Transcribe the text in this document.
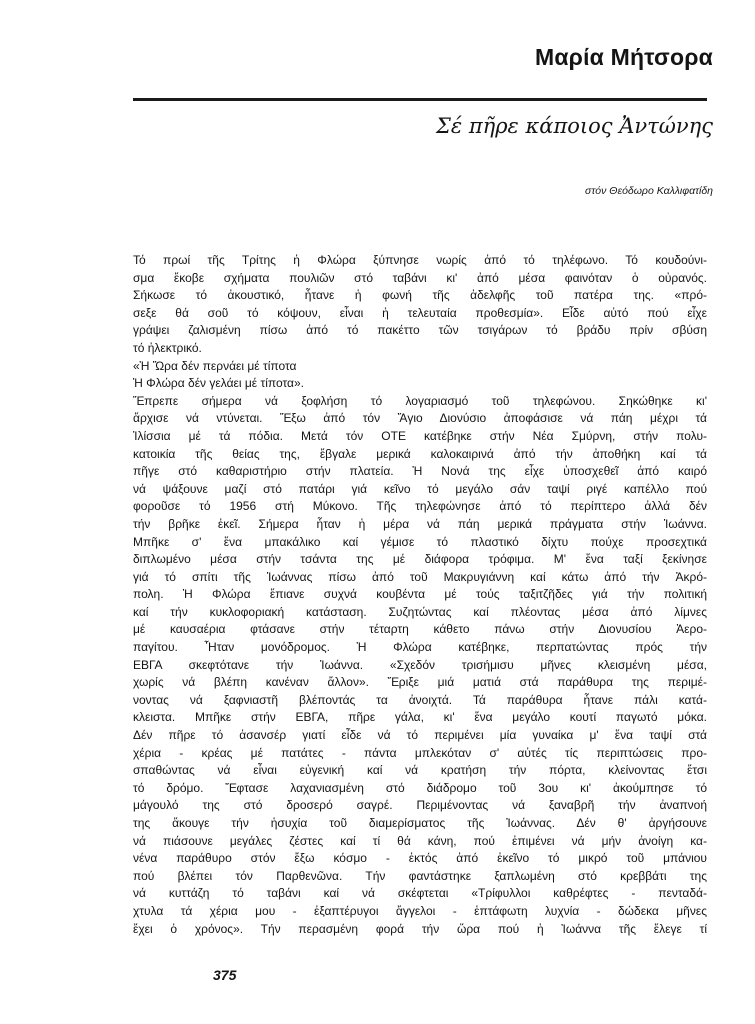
Μαρία Μήτσορα
Σέ πῆρε κάποιος Ἀντώνης
στόν Θεόδωρο Καλλιφατίδη
Τό πρωί τῆς Τρίτης ἡ Φλώρα ξύπνησε νωρίς ἀπό τό τηλέφωνο. Τό κουδούνι-
σμα ἔκοβε σχήματα πουλιῶν στό ταβάνι κι' ἀπό μέσα φαινόταν ὁ οὐρανός.
Σήκωσε τό ἀκουστικό, ἦτανε ἡ φωνή τῆς ἀδελφῆς τοῦ πατέρα της. «πρό-
σεξε θά σοῦ τό κόψουν, εἶναι ἡ τελευταία προθεσμία». Εἶδε αὐτό πού εἶχε
γράψει ζαλισμένη πίσω ἀπό τό πακέττο τῶν τσιγάρων τό βράδυ πρίν σβύση
τό ἠλεκτρικό.
«Ἡ Ὥρα δέν περνάει μέ τίποτα
Ἡ Φλώρα δέν γελάει μέ τίποτα».
Ἔπρεπε σήμερα νά ξοφλήση τό λογαριασμό τοῦ τηλεφώνου. Σηκώθηκε κι'
ἄρχισε νά ντύνεται. Ἔξω ἀπό τόν Ἅγιο Διονύσιο ἀποφάσισε νά πάη μέχρι τά
Ἰλίσσια μέ τά πόδια. Μετά τόν ΟΤΕ κατέβηκε στήν Νέα Σμύρνη, στήν πολυ-
κατοικία τῆς θείας της, ἔβγαλε μερικά καλοκαιρινά ἀπό τήν ἀποθήκη καί τά
πῆγε στό καθαριστήριο στήν πλατεία. Ἡ Νονά της εἶχε ὑποσχεθεῖ ἀπό καιρό
νά ψάξουνε μαζί στό πατάρι γιά κεῖνο τό μεγάλο σάν ταψί ριγέ καπέλλο πού
φοροῦσε τό 1956 στή Μύκονο. Τῆς τηλεφώνησε ἀπό τό περίπτερο ἀλλά δέν
τήν βρῆκε ἐκεῖ. Σήμερα ἦταν ἡ μέρα νά πάη μερικά πράγματα στήν Ἰωάννα.
Μπῆκε σ' ἕνα μπακάλικο καί γέμισε τό πλαστικό δίχτυ πούχε προσεχτικά
διπλωμένο μέσα στήν τσάντα της μέ διάφορα τρόφιμα. Μ' ἕνα ταξί ξεκίνησε
γιά τό σπίτι τῆς Ἰωάννας πίσω ἀπό τοῦ Μακρυγιάννη καί κάτω ἀπό τήν Ἀκρό-
πολη. Ἡ Φλώρα ἔπιανε συχνά κουβέντα μέ τούς ταξιτζῆδες γιά τήν πολιτική
καί τήν κυκλοφοριακή κατάσταση. Συζητώντας καί πλέοντας μέσα ἀπό λίμνες
μέ καυσαέρια φτάσανε στήν τέταρτη κάθετο πάνω στήν Διονυσίου Ἀερο-
παγίτου. Ἦταν μονόδρομος. Ἡ Φλώρα κατέβηκε, περπατώντας πρός τήν
ΕΒΓΑ σκεφτότανε τήν Ἰωάννα. «Σχεδόν τρισήμισυ μῆνες κλεισμένη μέσα,
χωρίς νά βλέπη κανέναν ἄλλον». Ἔριξε μιά ματιά στά παράθυρα της περιμέ-
νοντας νά ξαφνιαστῆ βλέποντάς τα ἀνοιχτά. Τά παράθυρα ἦτανε πάλι κατά-
κλειστα. Μπῆκε στήν ΕΒΓΑ, πῆρε γάλα, κι' ἕνα μεγάλο κουτί παγωτό μόκα.
Δέν πῆρε τό ἀσανσέρ γιατί εἶδε νά τό περιμένει μία γυναίκα μ' ἕνα ταψί στά
χέρια - κρέας μέ πατάτες - πάντα μπλεκόταν σ' αὐτές τίς περιπτώσεις προ-
σπαθώντας νά εἶναι εὐγενική καί νά κρατήση τήν πόρτα, κλείνοντας ἔτσι
τό δρόμο. Ἔφτασε λαχανιασμένη στό διάδρομο τοῦ 3ου κι' ἀκούμπησε τό
μάγουλό της στό δροσερό σαγρέ. Περιμένοντας νά ξαναβρῆ τήν ἀναπνοή
της ἄκουγε τήν ἡσυχία τοῦ διαμερίσματος τῆς Ἰωάννας. Δέν θ' ἀργήσουνε
νά πιάσουνε μεγάλες ζέστες καί τί θά κάνη, πού ἐπιμένει νά μήν ἀνοίγη κα-
νένα παράθυρο στόν ἔξω κόσμο - ἐκτός ἀπό ἐκεῖνο τό μικρό τοῦ μπάνιου
πού βλέπει τόν Παρθενῶνα. Τήν φαντάστηκε ξαπλωμένη στό κρεββάτι της
νά κυττάζη τό ταβάνι καί νά σκέφτεται «Τρίφυλλοι καθρέφτες - πενταδά-
χτυλα τά χέρια μου - ἐξαπτέρυγοι ἄγγελοι - ἑπτάφωτη λυχνία - δώδεκα μῆνες
ἔχει ὁ χρόνος». Τήν περασμένη φορά τήν ὥρα πού ἡ Ἰωάννα τῆς ἔλεγε τί
375
